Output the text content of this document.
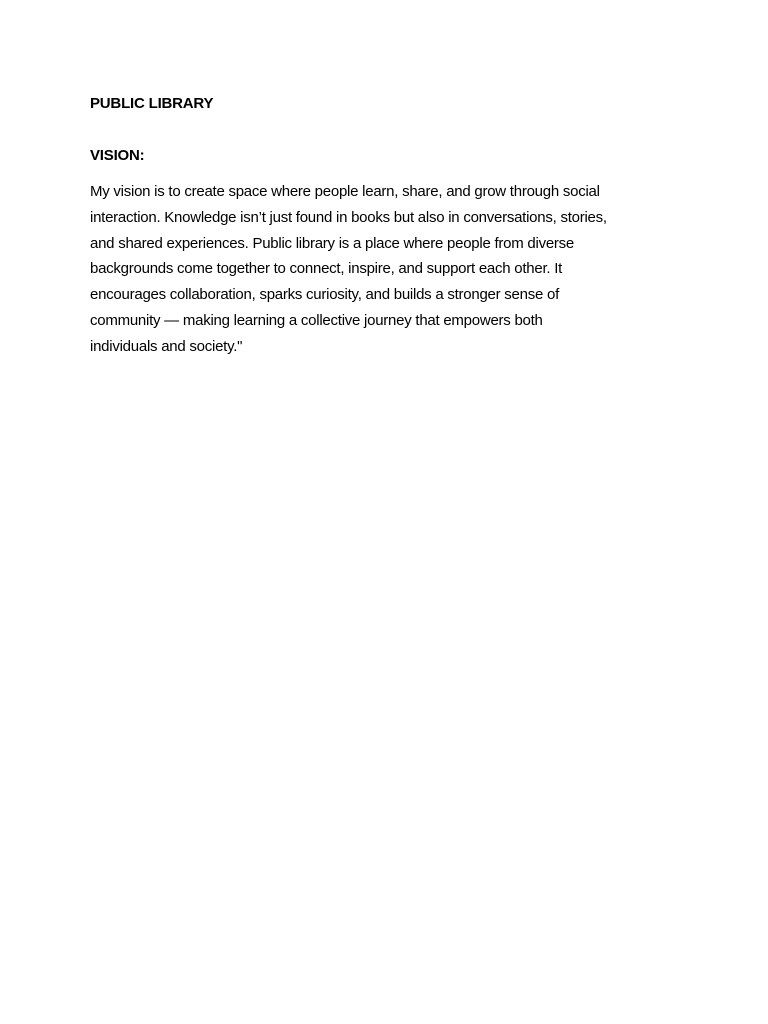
PUBLIC LIBRARY
VISION:

My vision is to create space where people learn, share, and grow through social
interaction. Knowledge isn’t just found in books but also in conversations, stories,
and shared experiences. Public library is a place where people from diverse
backgrounds come together to connect, inspire, and support each other. It
encourages collaboration, sparks curiosity, and builds a stronger sense of
community — making learning a collective journey that empowers both
individuals and society."
